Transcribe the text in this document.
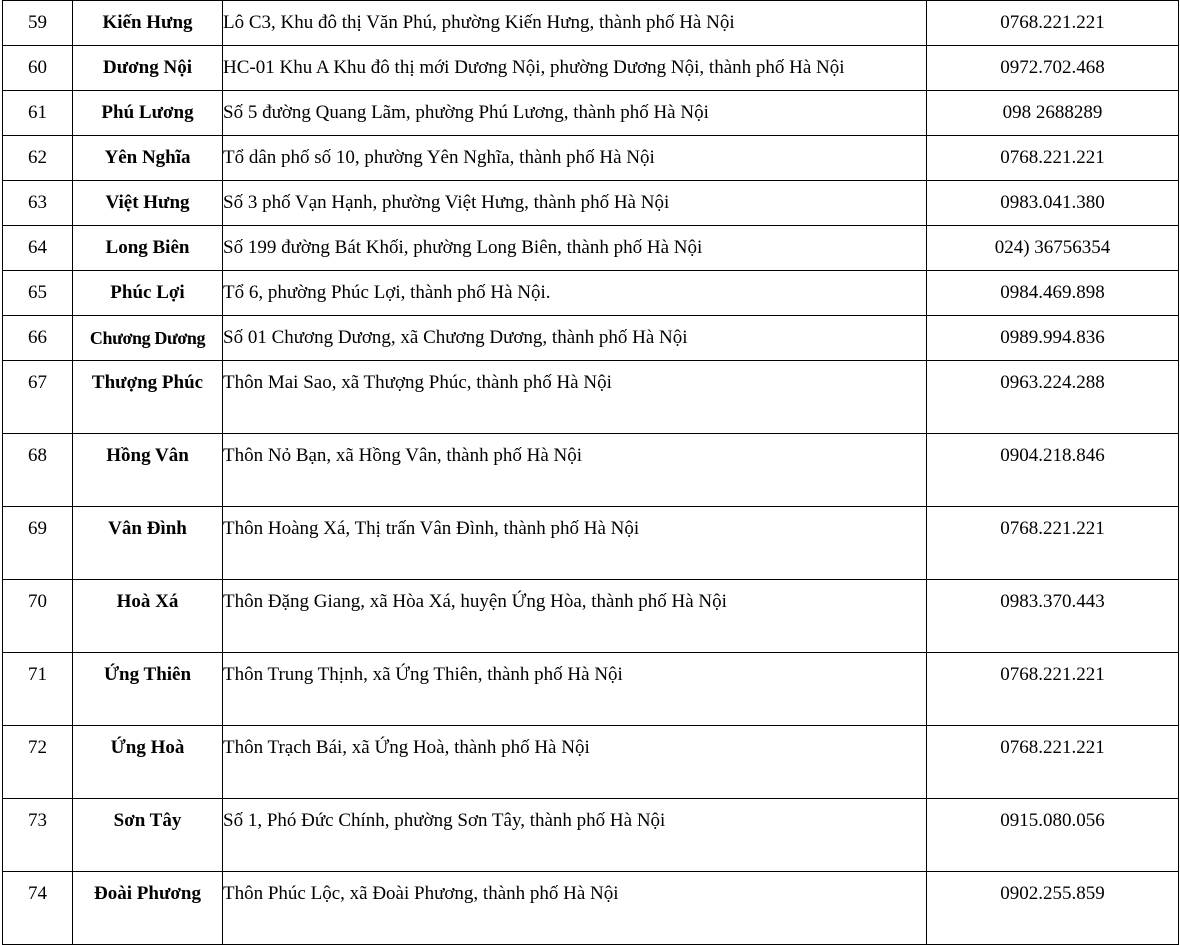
59	Kiến Hưng	Lô C3, Khu đô thị Văn Phú, phường Kiến Hưng, thành phố Hà Nội	0768.221.221
60	Dương Nội	HC-01 Khu A Khu đô thị mới Dương Nội, phường Dương Nội, thành phố Hà Nội	0972.702.468
61	Phú Lương	Số 5 đường Quang Lãm, phường Phú Lương, thành phố Hà Nội	098 2688289
62	Yên Nghĩa	Tổ dân phố số 10, phường Yên Nghĩa, thành phố Hà Nội	0768.221.221
63	Việt Hưng	Số 3 phố Vạn Hạnh, phường Việt Hưng, thành phố Hà Nội	0983.041.380
64	Long Biên	Số 199 đường Bát Khối, phường Long Biên, thành phố Hà Nội	024) 36756354
65	Phúc Lợi	Tổ 6, phường Phúc Lợi, thành phố Hà Nội.	0984.469.898
66	Chương Dương	Số 01 Chương Dương, xã Chương Dương, thành phố Hà Nội	0989.994.836
67	Thượng Phúc	Thôn Mai Sao, xã Thượng Phúc, thành phố Hà Nội	0963.224.288
68	Hồng Vân	Thôn Nỏ Bạn, xã Hồng Vân, thành phố Hà Nội	0904.218.846
69	Vân Đình	Thôn Hoàng Xá, Thị trấn Vân Đình, thành phố Hà Nội	0768.221.221
70	Hoà Xá	Thôn Đặng Giang, xã Hòa Xá, huyện Ứng Hòa, thành phố Hà Nội	0983.370.443
71	Ứng Thiên	Thôn Trung Thịnh, xã Ứng Thiên, thành phố Hà Nội	0768.221.221
72	Ứng Hoà	Thôn Trạch Bái, xã Ứng Hoà, thành phố Hà Nội	0768.221.221
73	Sơn Tây	Số 1, Phó Đức Chính, phường Sơn Tây, thành phố Hà Nội	0915.080.056
74	Đoài Phương	Thôn Phúc Lộc, xã Đoài Phương, thành phố Hà Nội	0902.255.859
